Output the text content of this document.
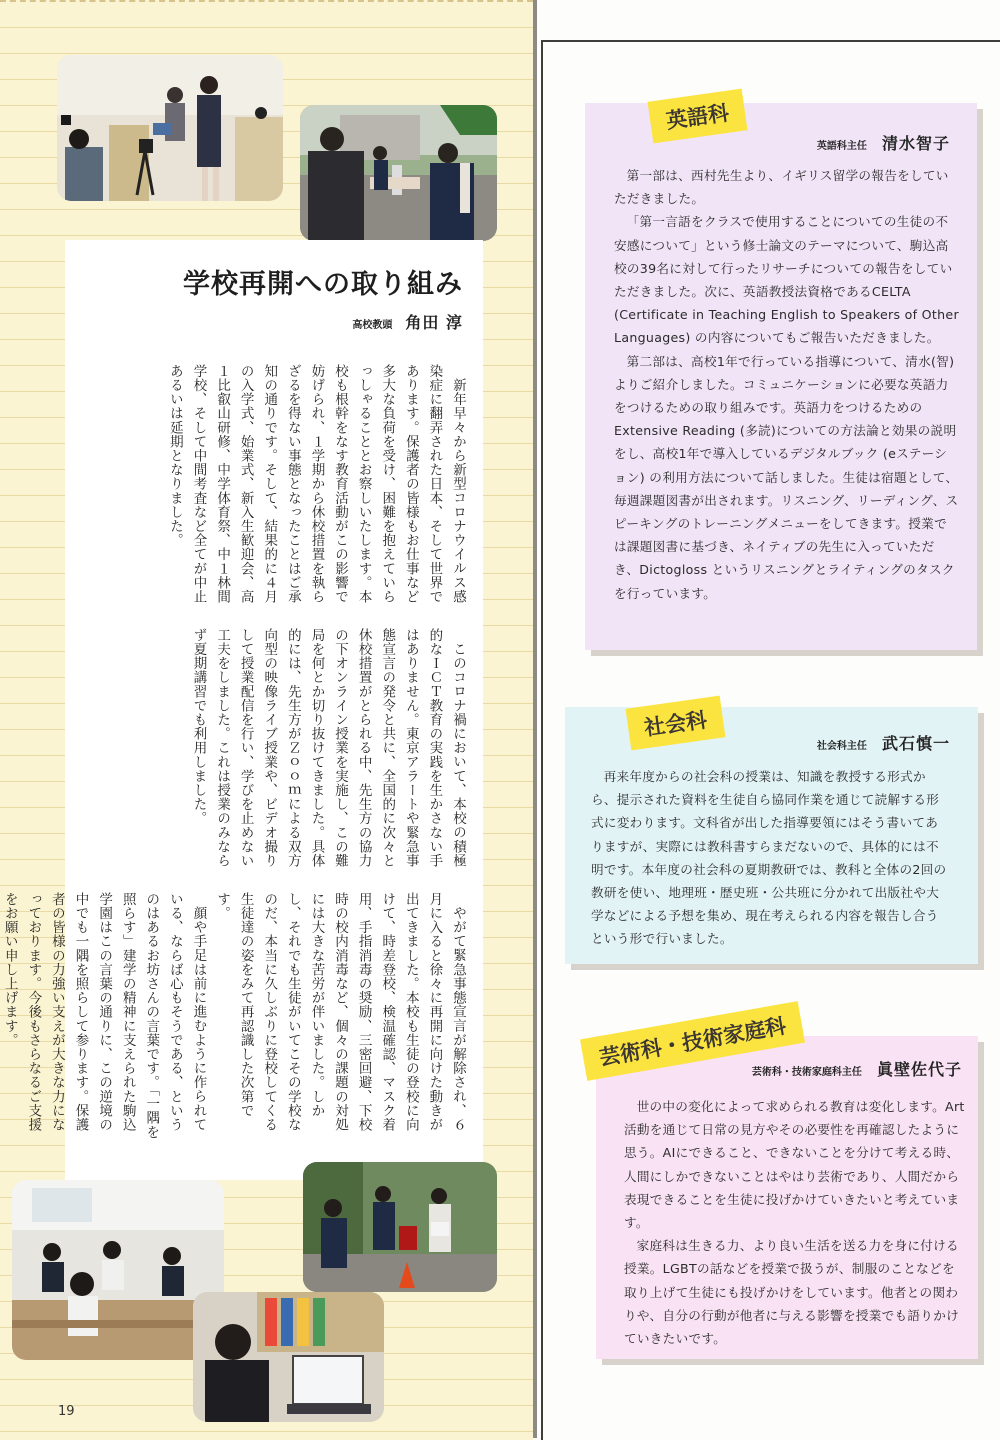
学校再開への取り組み
高校教頭 角田 淳

新年早々から新型コロナウイルス感染症に翻弄された日本、そして世界であります。保護者の皆様もお仕事など多大な負荷を受け、困難を抱えていらっしゃることとお察しいたします。本校も根幹をなす教育活動がこの影響で妨げられ、１学期から休校措置を執らざるを得ない事態となったことはご承知の通りです。そして、結果的に４月の入学式、始業式、新入生歓迎会、高１比叡山研修、中学体育祭、中１林間学校、そして中間考査など全てが中止あるいは延期となりました。

このコロナ禍において、本校の積極的なＩＣＴ教育の実践を生かさない手はありません。東京アラートや緊急事態宣言の発令と共に、全国的に次々と休校措置がとられる中、先生方の協力の下オンライン授業を実施し、この難局を何とか切り抜けてきました。具体的には、先生方がＺｏｏｍによる双方向型の映像ライブ授業や、ビデオ撮りして授業配信を行い、学びを止めない工夫をしました。これは授業のみならず夏期講習でも利用しました。

やがて緊急事態宣言が解除され、６月に入ると徐々に再開に向けた動きが出てきました。本校も生徒の登校に向けて、時差登校、検温確認、マスク着用、手指消毒の奨励、三密回避、下校時の校内消毒など、個々の課題の対処には大きな苦労が伴いました。しかし、それでも生徒がいてこその学校なのだ、本当に久しぶりに登校してくる生徒達の姿をみて再認識した次第です。

顔や手足は前に進むように作られている、ならば心もそうである、というのはあるお坊さんの言葉です。「一隅を照らす」建学の精神に支えられた駒込学園はこの言葉の通りに、この逆境の中でも一隅を照らして参ります。保護者の皆様の力強い支えが大きな力になっております。今後もさらなるご支援をお願い申し上げます。

19
英語科
英語科主任 清水智子

第一部は、西村先生より、イギリス留学の報告をしていただきました。

「第一言語をクラスで使用することについての生徒の不安感について」という修士論文のテーマについて、駒込高校の39名に対して行ったリサーチについての報告をしていただきました。次に、英語教授法資格であるCELTA (Certificate in Teaching English to Speakers of Other Languages) の内容についてもご報告いただきました。

第二部は、高校1年で行っている指導について、清水(智) よりご紹介しました。コミュニケーションに必要な英語力をつけるための取り組みです。英語力をつけるためのExtensive Reading (多読)についての方法論と効果の説明をし、高校1年で導入しているデジタルブック (eステーション) の利用方法について話しました。生徒は宿題として、毎週課題図書が出されます。リスニング、リーディング、スピーキングのトレーニングメニューをしてきます。授業では課題図書に基づき、ネイティブの先生に入っていただき、Dictogloss というリスニングとライティングのタスクを行っています。

社会科
社会科主任 武石慎一

再来年度からの社会科の授業は、知識を教授する形式から、提示された資料を生徒自ら協同作業を通じて読解する形式に変わります。文科省が出した指導要領にはそう書いてありますが、実際には教科書すらまだないので、具体的には不明です。本年度の社会科の夏期教研では、教科と全体の2回の教研を使い、地理班・歴史班・公共班に分かれて出版社や大学などによる予想を集め、現在考えられる内容を報告し合うという形で行いました。

芸術科・技術家庭科
芸術科・技術家庭科主任 眞壁佐代子

世の中の変化によって求められる教育は変化します。Art活動を通じて日常の見方やその必要性を再確認したように思う。AIにできること、できないことを分けて考える時、人間にしかできないことはやはり芸術であり、人間だから表現できることを生徒に投げかけていきたいと考えています。

家庭科は生きる力、より良い生活を送る力を身に付ける授業。LGBTの話などを授業で扱うが、制服のことなどを取り上げて生徒にも投げかけをしています。他者との関わりや、自分の行動が他者に与える影響を授業でも語りかけていきたいです。
